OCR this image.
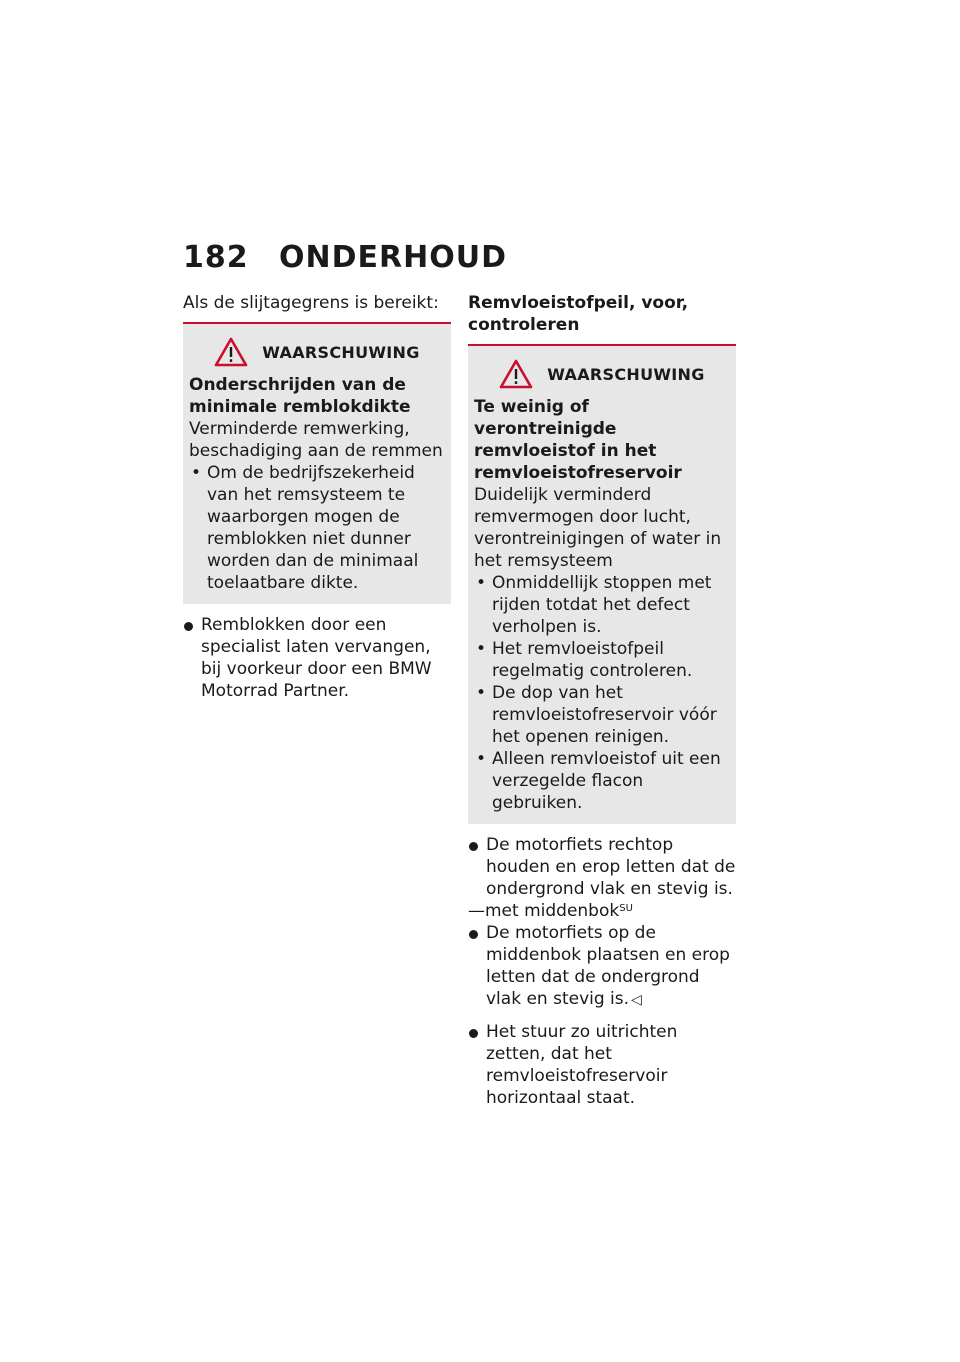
182	ONDERHOUD

Als de slijtagegrens is bereikt:

WAARSCHUWING

Onderschrijden van de minimale remblokdikte

Verminderde remwerking, beschadiging aan de remmen

• Om de bedrijfszekerheid van het remsysteem te waarborgen mogen de remblokken niet dunner worden dan de minimaal toelaatbare dikte.
Remblokken door een specialist laten vervangen, bij voorkeur door een BMW Motorrad Partner.

Remvloeistofpeil, voor, controleren

WAARSCHUWING

Te weinig of verontreinigde remvloeistof in het remvloeistofreservoir

Duidelijk verminderd remvermogen door lucht, verontreinigingen of water in het remsysteem

• Onmiddellijk stoppen met rijden totdat het defect verholpen is.
• Het remvloeistofpeil regelmatig controleren.
• De dop van het remvloeistofreservoir vóór het openen reinigen.
• Alleen remvloeistof uit een verzegelde flacon gebruiken.
De motorfiets rechtop houden en erop letten dat de ondergrond vlak en stevig is.

—met middenbok$^{SU}$

De motorfiets op de middenbok plaatsen en erop letten dat de ondergrond vlak en stevig is. ◁
Het stuur zo uitrichten zetten, dat het remvloeistofreservoir horizontaal staat.
